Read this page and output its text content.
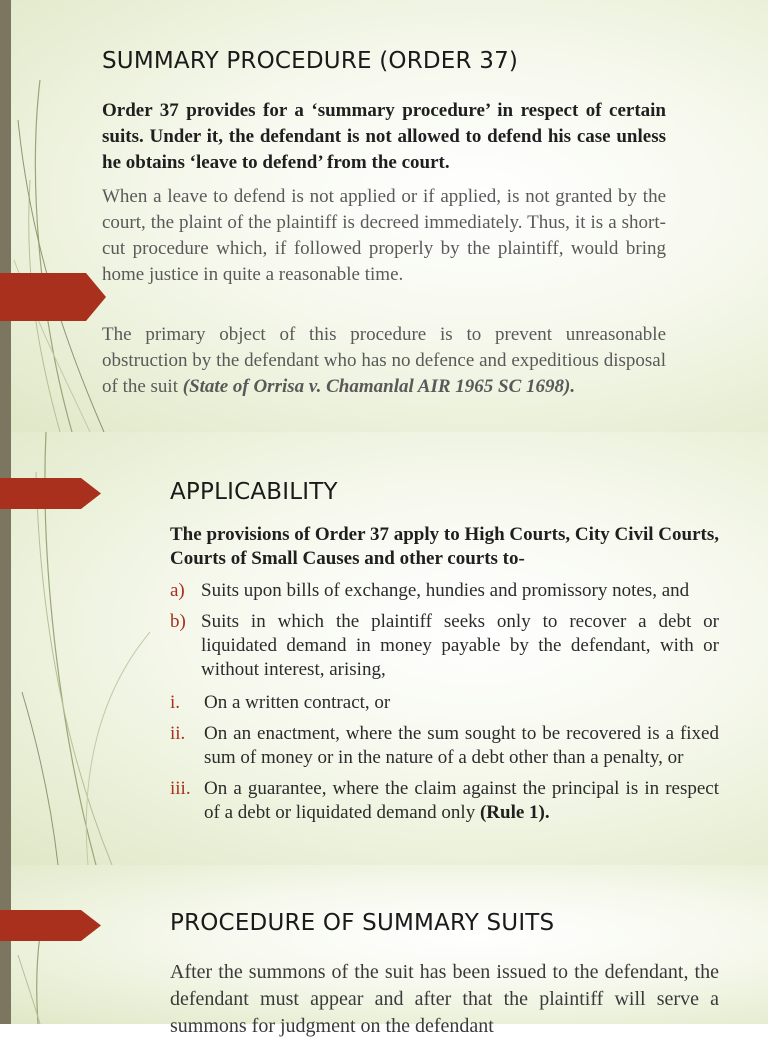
SUMMARY PROCEDURE (ORDER 37)

Order 37 provides for a ‘summary procedure’ in respect of certain suits. Under it, the defendant is not allowed to defend his case unless he obtains ‘leave to defend’ from the court.

When a leave to defend is not applied or if applied, is not granted by the court, the plaint of the plaintiff is decreed immediately. Thus, it is a short-cut procedure which, if followed properly by the plaintiff, would bring home justice in quite a reasonable time.

The primary object of this procedure is to prevent unreasonable obstruction by the defendant who has no defence and expeditious disposal of the suit (State of Orrisa v. Chamanlal AIR 1965 SC 1698).

APPLICABILITY

The provisions of Order 37 apply to High Courts, City Civil Courts, Courts of Small Causes and other courts to-

a) Suits upon bills of exchange, hundies and promissory notes, and
b) Suits in which the plaintiff seeks only to recover a debt or liquidated demand in money payable by the defendant, with or without interest, arising,
i. On a written contract, or
ii. On an enactment, where the sum sought to be recovered is a fixed sum of money or in the nature of a debt other than a penalty, or
iii. On a guarantee, where the claim against the principal is in respect of a debt or liquidated demand only (Rule 1).
PROCEDURE OF SUMMARY SUITS

After the summons of the suit has been issued to the defendant, the defendant must appear and after that the plaintiff will serve a summons for judgment on the defendant
